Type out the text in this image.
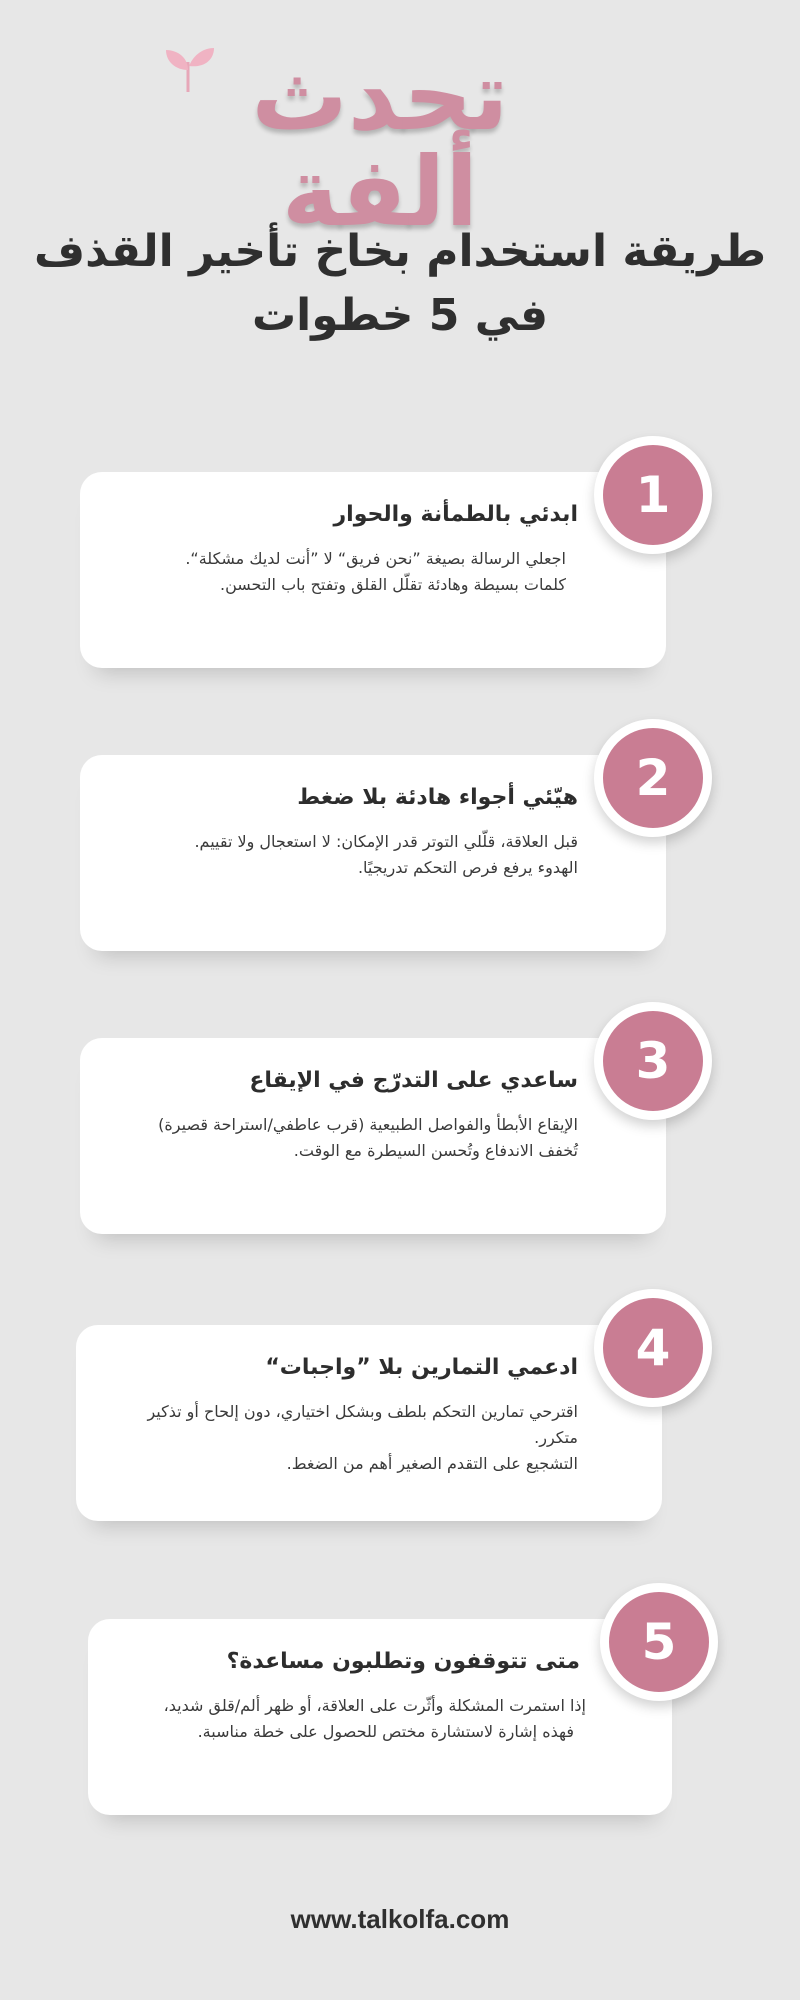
تحدث ألفة
طريقة استخدام بخاخ تأخير القذف في 5 خطوات
ابدئي بالطمأنة والحوار
اجعلي الرسالة بصيغة ”نحن فريق“ لا ”أنت لديك مشكلة“.
كلمات بسيطة وهادئة تقلّل القلق وتفتح باب التحسن.
1
هيّئي أجواء هادئة بلا ضغط
قبل العلاقة، قلّلي التوتر قدر الإمكان: لا استعجال ولا تقييم.
الهدوء يرفع فرص التحكم تدريجيًا.
2
ساعدي على التدرّج في الإيقاع
الإيقاع الأبطأ والفواصل الطبيعية (قرب عاطفي/استراحة قصيرة)
تُخفف الاندفاع وتُحسن السيطرة مع الوقت.
3
ادعمي التمارين بلا ”واجبات“
اقترحي تمارين التحكم بلطف وبشكل اختياري، دون إلحاح أو تذكير متكرر.
التشجيع على التقدم الصغير أهم من الضغط.
4
متى تتوقفون وتطلبون مساعدة؟
إذا استمرت المشكلة وأثّرت على العلاقة، أو ظهر ألم/قلق شديد،
فهذه إشارة لاستشارة مختص للحصول على خطة مناسبة.
5
www.talkolfa.com
